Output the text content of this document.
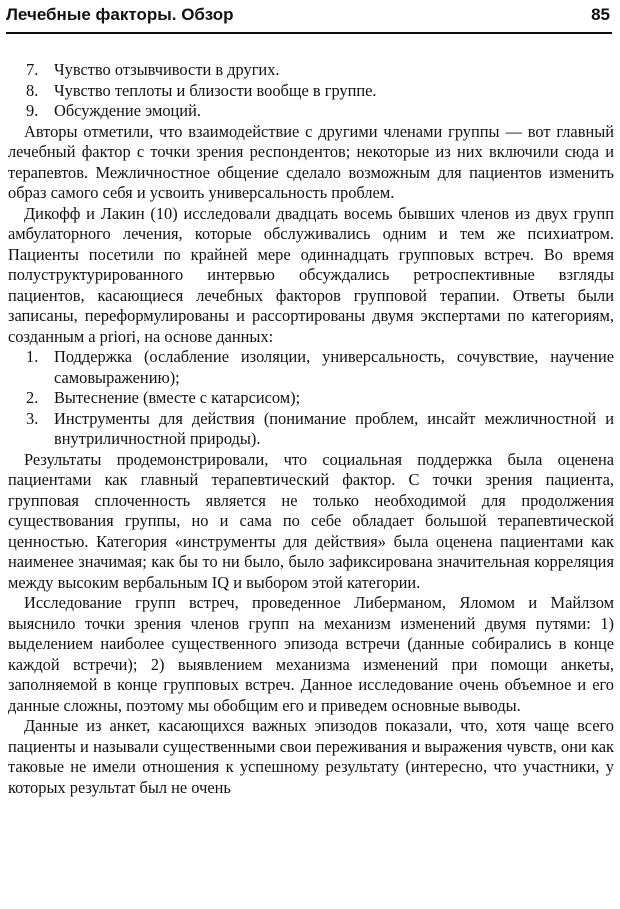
Лечебные факторы. Обзор	85
7. Чувство отзывчивости в других.
8. Чувство теплоты и близости вообще в группе.
9. Обсуждение эмоций.

Авторы отметили, что взаимодействие с другими членами группы — вот главный лечебный фактор с точки зрения респондентов; некоторые из них включили сюда и терапевтов. Межличностное общение сделало возможным для пациентов изменить образ самого себя и усвоить универсальность проблем.

Дикофф и Лакин (10) исследовали двадцать восемь бывших членов из двух групп амбулаторного лечения, которые обслуживались одним и тем же психиатром. Пациенты посетили по крайней мере одиннадцать групповых встреч. Во время полуструктурированного интервью обсуждались ретроспективные взгляды пациентов, касающиеся лечебных факторов групповой терапии. Ответы были записаны, переформулированы и рассортированы двумя экспертами по категориям, созданным a priori, на основе данных:

1. Поддержка (ослабление изоляции, универсальность, сочувствие, научение самовыражению);
2. Вытеснение (вместе с катарсисом);
3. Инструменты для действия (понимание проблем, инсайт межличностной и внутриличностной природы).

Результаты продемонстрировали, что социальная поддержка была оценена пациентами как главный терапевтический фактор. С точки зрения пациента, групповая сплоченность является не только необходимой для продолжения существования группы, но и сама по себе обладает большой терапевтической ценностью. Категория «инструменты для действия» была оценена пациентами как наименее значимая; как бы то ни было, было зафиксирована значительная корреляция между высоким вербальным IQ и выбором этой категории.

Исследование групп встреч, проведенное Либерманом, Яломом и Майлзом выяснило точки зрения членов групп на механизм изменений двумя путями: 1) выделением наиболее существенного эпизода встречи (данные собирались в конце каждой встречи); 2) выявлением механизма изменений при помощи анкеты, заполняемой в конце групповых встреч. Данное исследование очень объемное и его данные сложны, поэтому мы обобщим его и приведем основные выводы.

Данные из анкет, касающихся важных эпизодов показали, что, хотя чаще всего пациенты и называли существенными свои переживания и выражения чувств, они как таковые не имели отношения к успешному результату (интересно, что участники, у которых результат был не очень
